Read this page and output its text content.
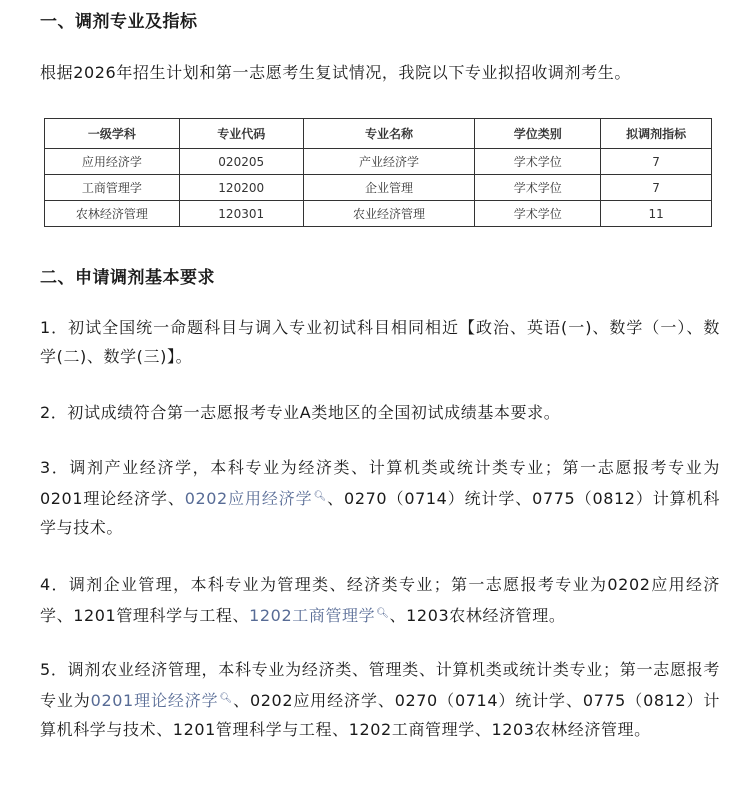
一、调剂专业及指标

根据2026年招生计划和第一志愿考生复试情况，我院以下专业拟招收调剂考生。

一级学科	专业代码	专业名称	学位类别	拟调剂指标
应用经济学	020205	产业经济学	学术学位	7
工商管理学	120200	企业管理	学术学位	7
农林经济管理	120301	农业经济管理	学术学位	11
二、申请调剂基本要求

1．初试全国统一命题科目与调入专业初试科目相同相近【政治、英语(一)、数学（一）、数学(二)、数学(三)】。

2．初试成绩符合第一志愿报考专业A类地区的全国初试成绩基本要求。

3．调剂产业经济学，本科专业为经济类、计算机类或统计类专业；第一志愿报考专业为0201理论经济学、0202应用经济学🔍︎、0270（0714）统计学、0775（0812）计算机科学与技术。

4．调剂企业管理，本科专业为管理类、经济类专业；第一志愿报考专业为0202应用经济学、1201管理科学与工程、1202工商管理学🔍︎、1203农林经济管理。

5．调剂农业经济管理，本科专业为经济类、管理类、计算机类或统计类专业；第一志愿报考专业为0201理论经济学🔍︎、0202应用经济学、0270（0714）统计学、0775（0812）计算机科学与技术、1201管理科学与工程、1202工商管理学、1203农林经济管理。
